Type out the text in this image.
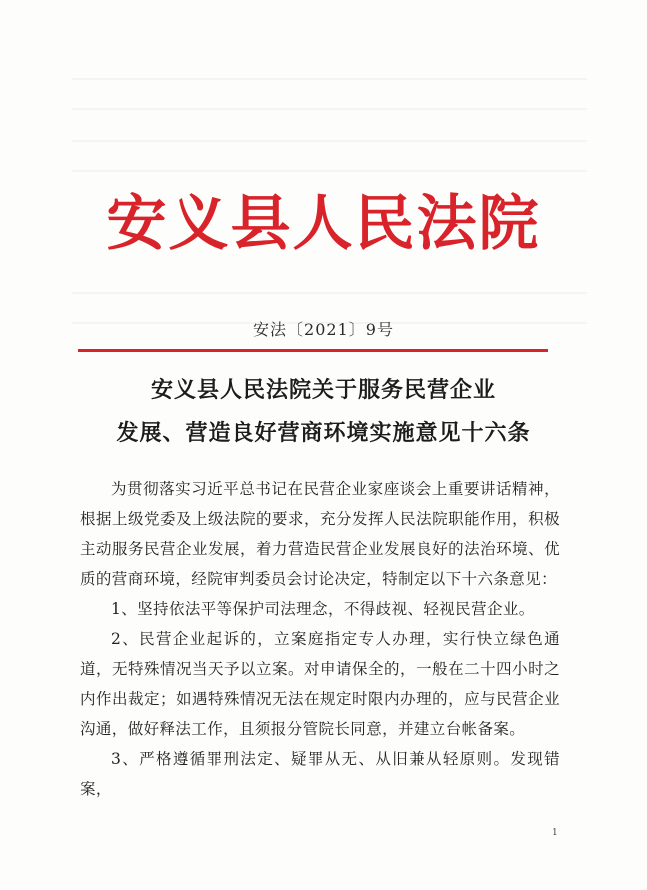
安义县人民法院
安法〔2021〕9号
安义县人民法院关于服务民营企业
发展、营造良好营商环境实施意见十六条

为贯彻落实习近平总书记在民营企业家座谈会上重要讲话精神，根据上级党委及上级法院的要求，充分发挥人民法院职能作用，积极主动服务民营企业发展，着力营造民营企业发展良好的法治环境、优质的营商环境，经院审判委员会讨论决定，特制定以下十六条意见：

1、坚持依法平等保护司法理念，不得歧视、轻视民营企业。

2、民营企业起诉的，立案庭指定专人办理，实行快立绿色通道，无特殊情况当天予以立案。对申请保全的，一般在二十四小时之内作出裁定；如遇特殊情况无法在规定时限内办理的，应与民营企业沟通，做好释法工作，且须报分管院长同意，并建立台帐备案。

3、严格遵循罪刑法定、疑罪从无、从旧兼从轻原则。发现错案，

1
